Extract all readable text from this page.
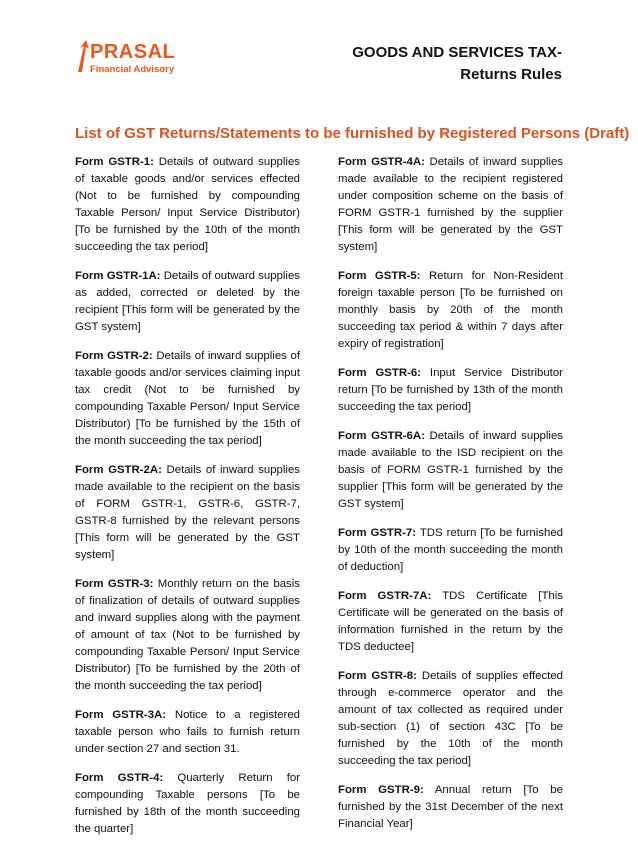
PRASAL
Financial Advisory
GOODS AND SERVICES TAX-
Returns Rules
List of GST Returns/Statements to be furnished by Registered Persons (Draft)

Form GSTR-1: Details of outward supplies of taxable goods and/or services effected (Not to be furnished by compounding Taxable Person/ Input Service Distributor) [To be furnished by the 10th of the month succeeding the tax period]

Form GSTR-1A: Details of outward supplies as added, corrected or deleted by the recipient [This form will be generated by the GST system]

Form GSTR-2: Details of inward supplies of taxable goods and/or services claiming input tax credit (Not to be furnished by compounding Taxable Person/ Input Service Distributor) [To be furnished by the 15th of the month succeeding the tax period]

Form GSTR-2A: Details of inward supplies made available to the recipient on the basis of FORM GSTR-1, GSTR-6, GSTR-7, GSTR-8 furnished by the relevant persons [This form will be generated by the GST system]

Form GSTR-3: Monthly return on the basis of finalization of details of outward supplies and inward supplies along with the payment of amount of tax (Not to be furnished by compounding Taxable Person/ Input Service Distributor) [To be furnished by the 20th of the month succeeding the tax period]

Form GSTR-3A: Notice to a registered taxable person who fails to furnish return under section 27 and section 31.

Form GSTR-4: Quarterly Return for compounding Taxable persons [To be furnished by 18th of the month succeeding the quarter]

Form GSTR-4A: Details of inward supplies made available to the recipient registered under composition scheme on the basis of FORM GSTR-1 furnished by the supplier [This form will be generated by the GST system]

Form GSTR-5: Return for Non-Resident foreign taxable person [To be furnished on monthly basis by 20th of the month succeeding tax period & within 7 days after expiry of registration]

Form GSTR-6: Input Service Distributor return [To be furnished by 13th of the month succeeding the tax period]

Form GSTR-6A: Details of inward supplies made available to the ISD recipient on the basis of FORM GSTR-1 furnished by the supplier [This form will be generated by the GST system]

Form GSTR-7: TDS return [To be furnished by 10th of the month succeeding the month of deduction]

Form GSTR-7A: TDS Certificate [This Certificate will be generated on the basis of information furnished in the return by the TDS deductee]

Form GSTR-8: Details of supplies effected through e-commerce operator and the amount of tax collected as required under sub-section (1) of section 43C [To be furnished by the 10th of the month succeeding the tax period]

Form GSTR-9: Annual return [To be furnished by the 31st December of the next Financial Year]
